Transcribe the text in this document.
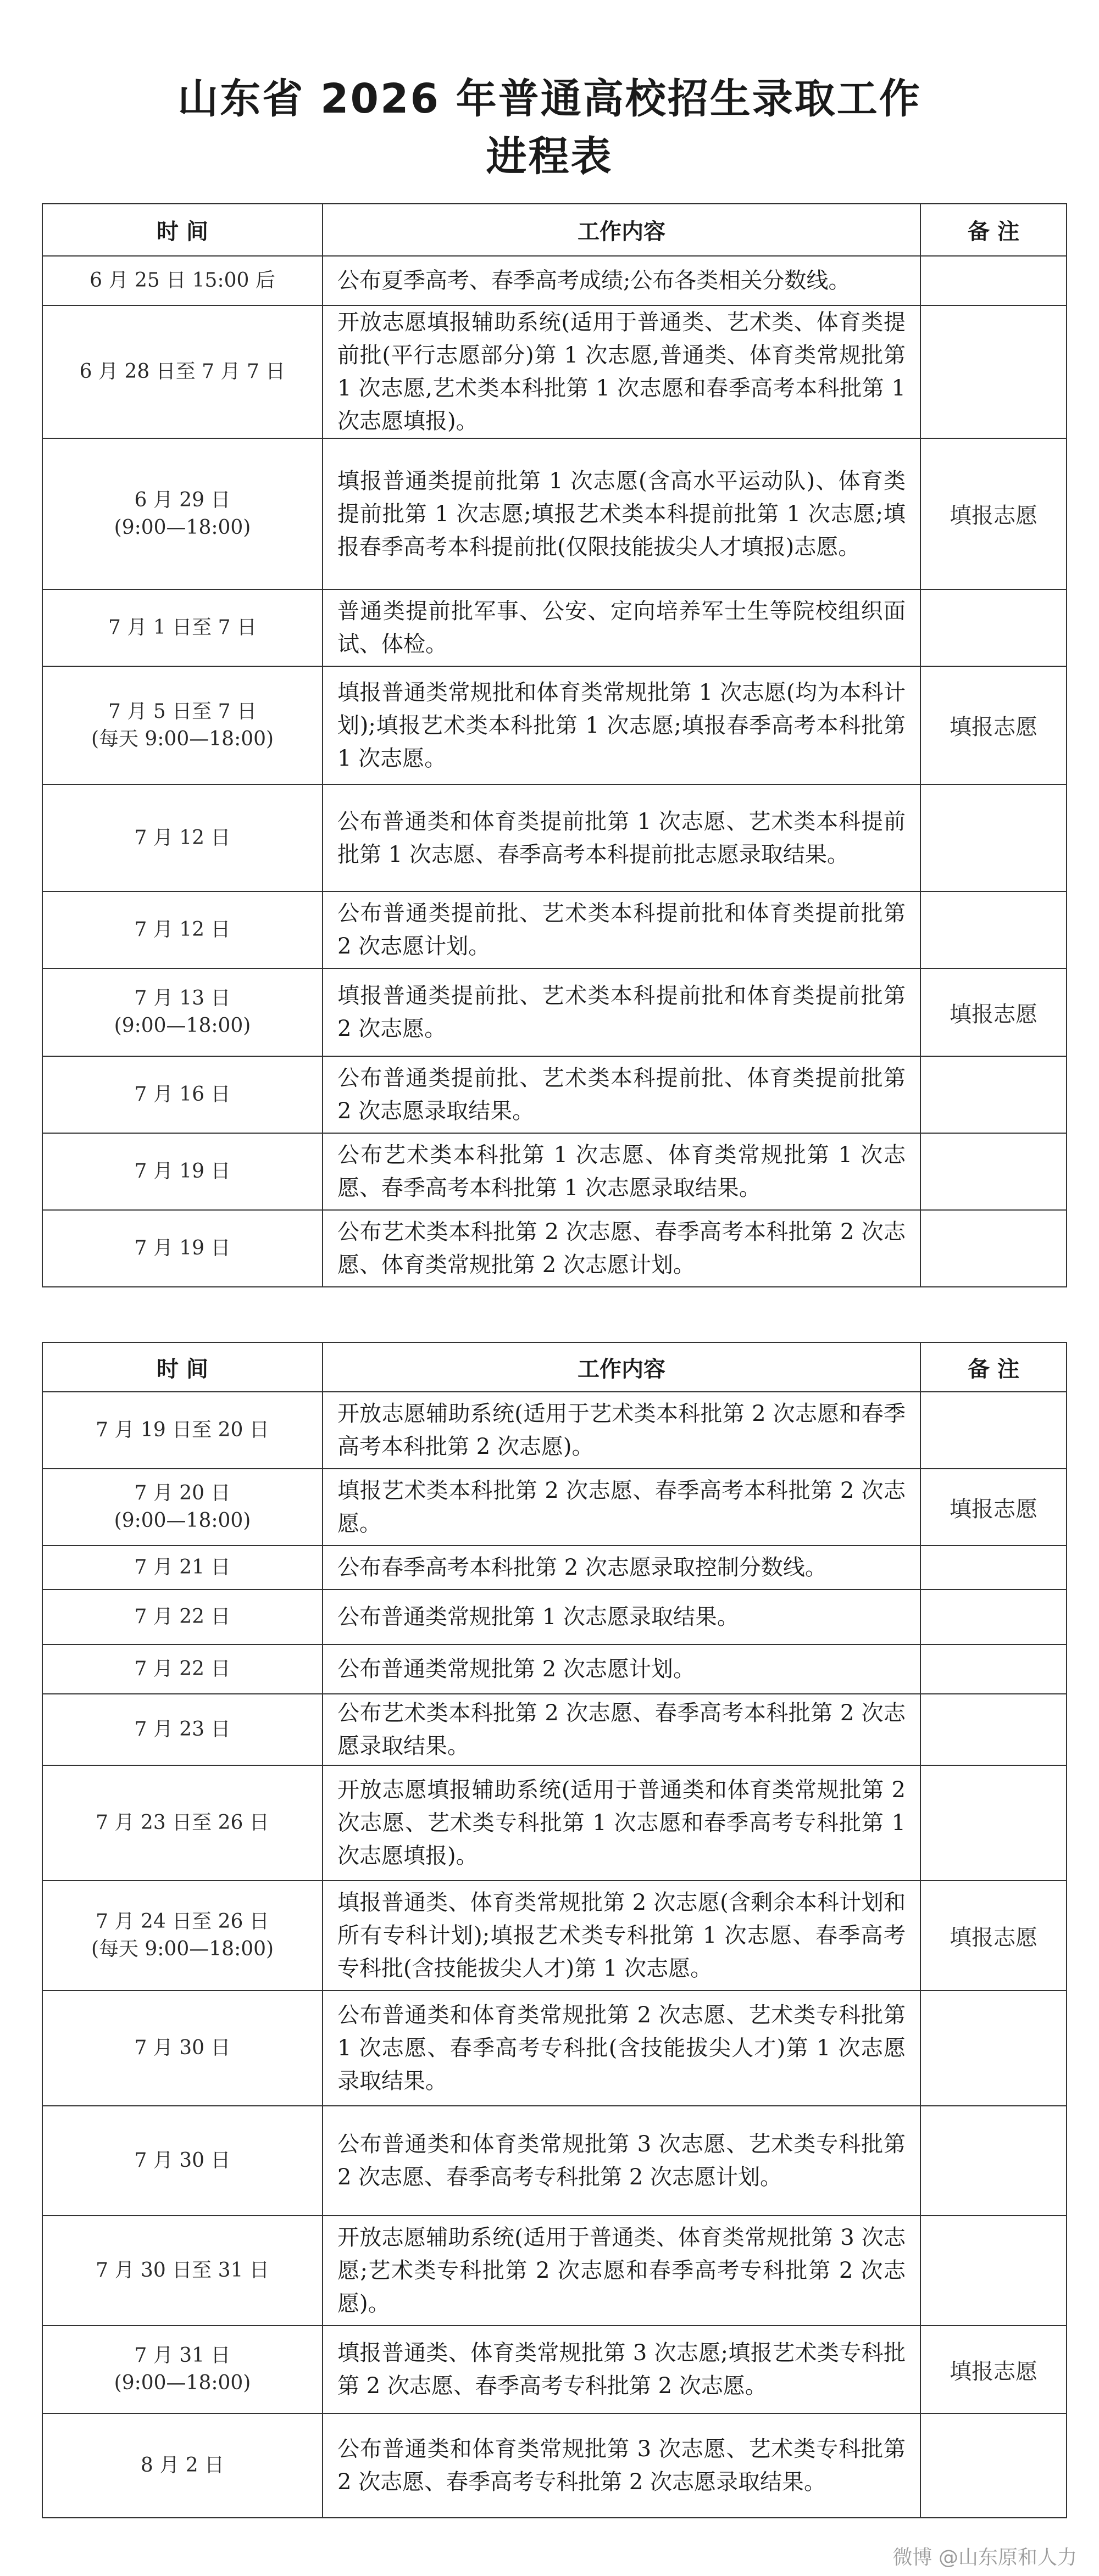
山东省 2026 年普通高校招生录取工作
进程表
时 间	工作内容	备 注

6 月 25 日 15:00 后	公布夏季高考、春季高考成绩;公布各类相关分数线。	

6 月 28 日至 7 月 7 日	开放志愿填报辅助系统(适用于普通类、艺术类、体育类提前批(平行志愿部分)第 1 次志愿,普通类、体育类常规批第 1 次志愿,艺术类本科批第 1 次志愿和春季高考本科批第 1 次志愿填报)。	

6 月 29 日
(9:00—18:00)	填报普通类提前批第 1 次志愿(含高水平运动队)、体育类提前批第 1 次志愿;填报艺术类本科提前批第 1 次志愿;填报春季高考本科提前批(仅限技能拔尖人才填报)志愿。	填报志愿

7 月 1 日至 7 日	普通类提前批军事、公安、定向培养军士生等院校组织面试、体检。	

7 月 5 日至 7 日
(每天 9:00—18:00)	填报普通类常规批和体育类常规批第 1 次志愿(均为本科计划);填报艺术类本科批第 1 次志愿;填报春季高考本科批第 1 次志愿。	填报志愿

7 月 12 日	公布普通类和体育类提前批第 1 次志愿、艺术类本科提前批第 1 次志愿、春季高考本科提前批志愿录取结果。	

7 月 12 日	公布普通类提前批、艺术类本科提前批和体育类提前批第 2 次志愿计划。	

7 月 13 日
(9:00—18:00)	填报普通类提前批、艺术类本科提前批和体育类提前批第 2 次志愿。	填报志愿

7 月 16 日	公布普通类提前批、艺术类本科提前批、体育类提前批第 2 次志愿录取结果。	

7 月 19 日	公布艺术类本科批第 1 次志愿、体育类常规批第 1 次志愿、春季高考本科批第 1 次志愿录取结果。	

7 月 19 日	公布艺术类本科批第 2 次志愿、春季高考本科批第 2 次志愿、体育类常规批第 2 次志愿计划。	
时 间	工作内容	备 注

7 月 19 日至 20 日	开放志愿辅助系统(适用于艺术类本科批第 2 次志愿和春季高考本科批第 2 次志愿)。	

7 月 20 日
(9:00—18:00)	填报艺术类本科批第 2 次志愿、春季高考本科批第 2 次志愿。	填报志愿

7 月 21 日	公布春季高考本科批第 2 次志愿录取控制分数线。	

7 月 22 日	公布普通类常规批第 1 次志愿录取结果。	

7 月 22 日	公布普通类常规批第 2 次志愿计划。	

7 月 23 日	公布艺术类本科批第 2 次志愿、春季高考本科批第 2 次志愿录取结果。	

7 月 23 日至 26 日	开放志愿填报辅助系统(适用于普通类和体育类常规批第 2 次志愿、艺术类专科批第 1 次志愿和春季高考专科批第 1 次志愿填报)。	

7 月 24 日至 26 日
(每天 9:00—18:00)	填报普通类、体育类常规批第 2 次志愿(含剩余本科计划和所有专科计划);填报艺术类专科批第 1 次志愿、春季高考专科批(含技能拔尖人才)第 1 次志愿。	填报志愿

7 月 30 日	公布普通类和体育类常规批第 2 次志愿、艺术类专科批第 1 次志愿、春季高考专科批(含技能拔尖人才)第 1 次志愿录取结果。	

7 月 30 日	公布普通类和体育类常规批第 3 次志愿、艺术类专科批第 2 次志愿、春季高考专科批第 2 次志愿计划。	

7 月 30 日至 31 日	开放志愿辅助系统(适用于普通类、体育类常规批第 3 次志愿;艺术类专科批第 2 次志愿和春季高考专科批第 2 次志愿)。	

7 月 31 日
(9:00—18:00)	填报普通类、体育类常规批第 3 次志愿;填报艺术类专科批第 2 次志愿、春季高考专科批第 2 次志愿。	填报志愿

8 月 2 日	公布普通类和体育类常规批第 3 次志愿、艺术类专科批第 2 次志愿、春季高考专科批第 2 次志愿录取结果。	
微博 @山东原和人力
